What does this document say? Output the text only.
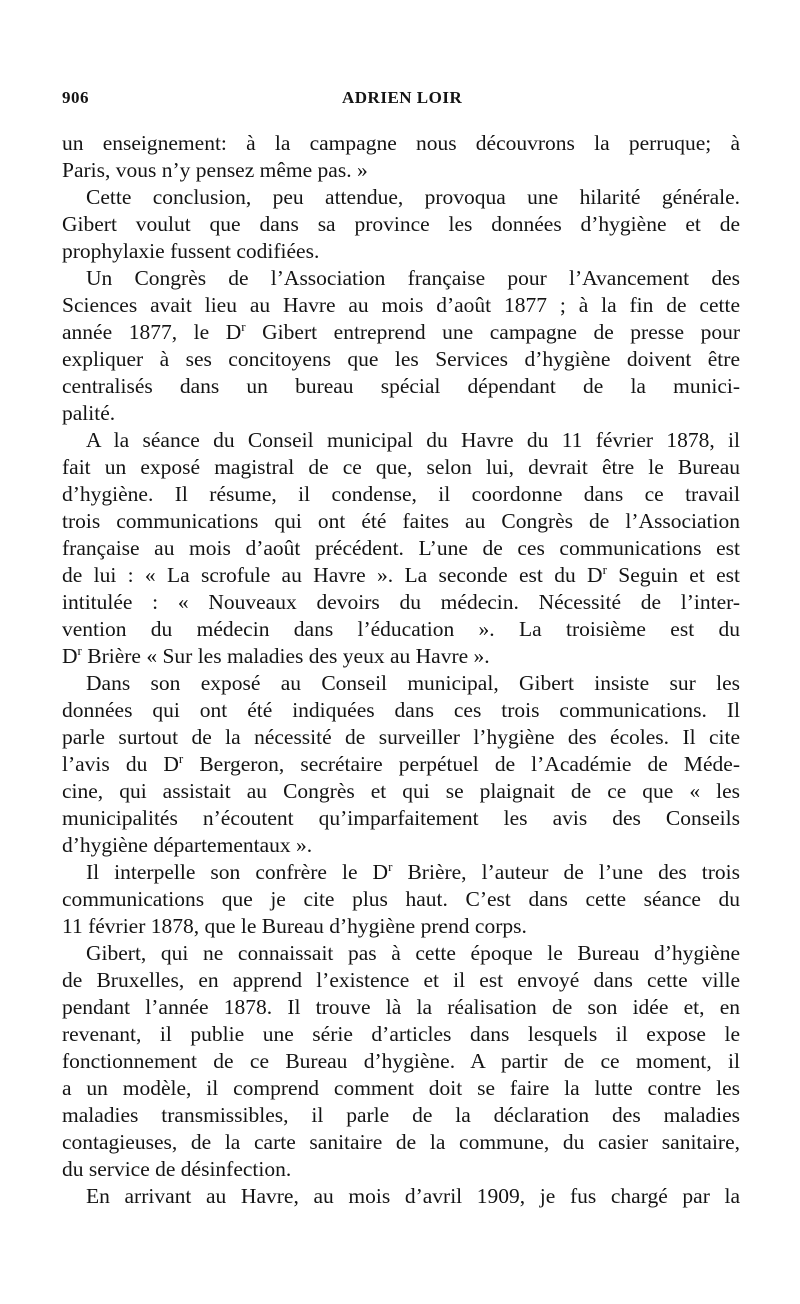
906	ADRIEN LOIR
un enseignement: à la campagne nous découvrons la perruque; à
Paris, vous n’y pensez même pas. »
Cette conclusion, peu attendue, provoqua une hilarité générale.
Gibert voulut que dans sa province les données d’hygiène et de
prophylaxie fussent codifiées.
Un Congrès de l’Association française pour l’Avancement des
Sciences avait lieu au Havre au mois d’août 1877 ; à la fin de cette
année 1877, le $D^r$ Gibert entreprend une campagne de presse pour
expliquer à ses concitoyens que les Services d’hygiène doivent être
centralisés dans un bureau spécial dépendant de la munici-
palité.
A la séance du Conseil municipal du Havre du 11 février 1878, il
fait un exposé magistral de ce que, selon lui, devrait être le Bureau
d’hygiène. Il résume, il condense, il coordonne dans ce travail
trois communications qui ont été faites au Congrès de l’Association
française au mois d’août précédent. L’une de ces communications est
de lui : « La scrofule au Havre ». La seconde est du $D^r$ Seguin et est
intitulée : « Nouveaux devoirs du médecin. Nécessité de l’inter-
vention du médecin dans l’éducation ». La troisième est du
$D^r$ Brière « Sur les maladies des yeux au Havre ».
Dans son exposé au Conseil municipal, Gibert insiste sur les
données qui ont été indiquées dans ces trois communications. Il
parle surtout de la nécessité de surveiller l’hygiène des écoles. Il cite
l’avis du $D^r$ Bergeron, secrétaire perpétuel de l’Académie de Méde-
cine, qui assistait au Congrès et qui se plaignait de ce que « les
municipalités n’écoutent qu’imparfaitement les avis des Conseils
d’hygiène départementaux ».
Il interpelle son confrère le $D^r$ Brière, l’auteur de l’une des trois
communications que je cite plus haut. C’est dans cette séance du
11 février 1878, que le Bureau d’hygiène prend corps.
Gibert, qui ne connaissait pas à cette époque le Bureau d’hygiène
de Bruxelles, en apprend l’existence et il est envoyé dans cette ville
pendant l’année 1878. Il trouve là la réalisation de son idée et, en
revenant, il publie une série d’articles dans lesquels il expose le
fonctionnement de ce Bureau d’hygiène. A partir de ce moment, il
a un modèle, il comprend comment doit se faire la lutte contre les
maladies transmissibles, il parle de la déclaration des maladies
contagieuses, de la carte sanitaire de la commune, du casier sanitaire,
du service de désinfection.
En arrivant au Havre, au mois d’avril 1909, je fus chargé par la
